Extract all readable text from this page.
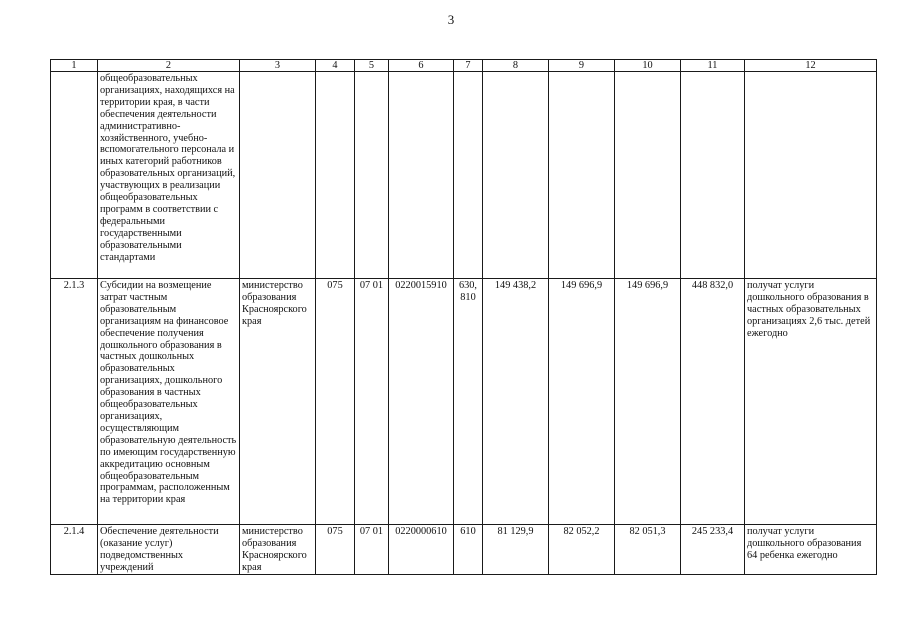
3
1	2	3	4	5	6	7	8	9	10	11	12
	общеобразовательных организациях, находящихся на территории края, в части обеспечения деятельности административно-хозяйственного, учебно-вспомогательного персонала и иных категорий работников образовательных организаций, участвующих в реализации общеобразовательных программ в соответствии с федеральными государственными образовательными стандартами										
2.1.3	Субсидии на возмещение затрат частным образовательным организациям на финансовое обеспечение получения дошкольного образования в частных дошкольных образовательных организациях, дошкольного образования в частных общеобразовательных организациях, осуществляющим образовательную деятельность по имеющим государственную аккредитацию основным общеобразовательным программам, расположенным на территории края	министерство образования Красноярского края	075	07 01	0220015910	630, 810	149 438,2	149 696,9	149 696,9	448 832,0	получат услуги дошкольного образования в частных образовательных организациях 2,6 тыс. детей ежегодно
2.1.4	Обеспечение деятельности (оказание услуг) подведомственных учреждений	министерство образования Красноярского края	075	07 01	0220000610	610	81 129,9	82 052,2	82 051,3	245 233,4	получат услуги дошкольного образования 64 ребенка ежегодно
